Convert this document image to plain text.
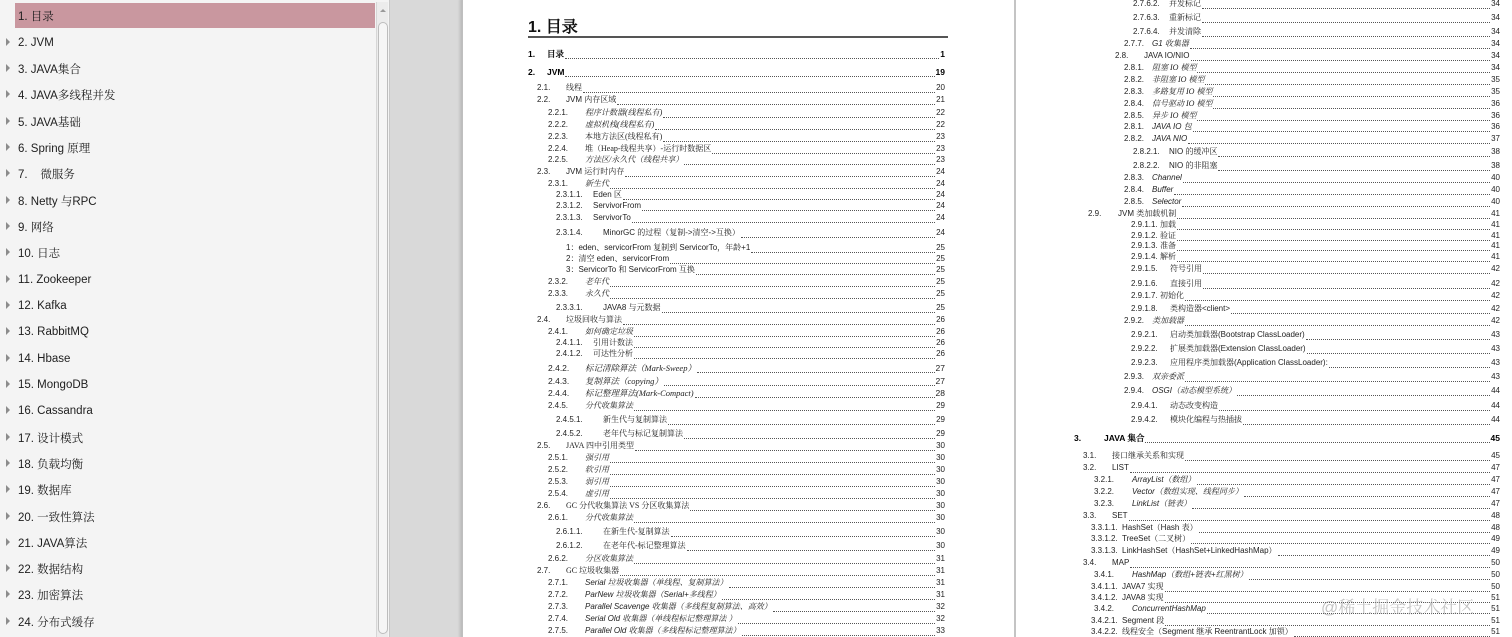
1. 目录
2. JVM
3. JAVA集合
4. JAVA多线程并发
5. JAVA基础
6. Spring 原理
7.    微服务
8. Netty 与RPC
9. 网络
10. 日志
11. Zookeeper
12. Kafka
13. RabbitMQ
14. Hbase
15. MongoDB
16. Cassandra
17. 设计模式
18. 负载均衡
19. 数据库
20. 一致性算法
21. JAVA算法
22. 数据结构
23. 加密算法
24. 分布式缓存
1. 目录
1.	目录	1
2.	JVM	19
2.1.	线程	20
2.2.	JVM 内存区域	21
2.2.1.	程序计数器(线程私有)	22
2.2.2.	虚拟机栈(线程私有)	22
2.2.3.	本地方法区(线程私有)	23
2.2.4.	堆（Heap-线程共享）-运行时数据区	23
2.2.5.	方法区/永久代（线程共享）	23
2.3.	JVM 运行时内存	24
2.3.1.	新生代	24
2.3.1.1.	Eden 区	24
2.3.1.2.	ServivorFrom	24
2.3.1.3.	ServivorTo	24
2.3.1.4.	MinorGC 的过程（复制->清空->互换）	24
1：eden、servicorFrom 复制到 ServicorTo，年龄+1	25
2：清空 eden、servicorFrom	25
3：ServicorTo 和 ServicorFrom 互换	25
2.3.2.	老年代	25
2.3.3.	永久代	25
2.3.3.1.	JAVA8 与元数据	25
2.4.	垃圾回收与算法	26
2.4.1.	如何确定垃圾	26
2.4.1.1.	引用计数法	26
2.4.1.2.	可达性分析	26
2.4.2.	标记清除算法（Mark-Sweep）	27
2.4.3.	复制算法（copying）	27
2.4.4.	标记整理算法(Mark-Compact)	28
2.4.5.	分代收集算法	29
2.4.5.1.	新生代与复制算法	29
2.4.5.2.	老年代与标记复制算法	29
2.5.	JAVA 四中引用类型	30
2.5.1.	强引用	30
2.5.2.	软引用	30
2.5.3.	弱引用	30
2.5.4.	虚引用	30
2.6.	GC 分代收集算法 VS 分区收集算法	30
2.6.1.	分代收集算法	30
2.6.1.1.	在新生代-复制算法	30
2.6.1.2.	在老年代-标记整理算法	30
2.6.2.	分区收集算法	31
2.7.	GC 垃圾收集器	31
2.7.1.	Serial 垃圾收集器（单线程、复制算法）	31
2.7.2.	ParNew 垃圾收集器（Serial+多线程）	31
2.7.3.	Parallel Scavenge 收集器（多线程复制算法、高效）	32
2.7.4.	Serial Old 收集器（单线程标记整理算法 ）	32
2.7.5.	Parallel Old 收集器（多线程标记整理算法）	33
2.7.6.2.	并发标记	34
2.7.6.3.	重新标记	34
2.7.6.4.	并发清除	34
2.7.7. G1 收集器	34
2.8.	JAVA IO/NIO	34
2.8.1. 阻塞 IO 模型	34
2.8.2. 非阻塞 IO 模型	35
2.8.3. 多路复用 IO 模型	35
2.8.4. 信号驱动 IO 模型	36
2.8.5. 异步 IO 模型	36
2.8.1. JAVA IO 包	36
2.8.2. JAVA NIO	37
2.8.2.1.	NIO 的缓冲区	38
2.8.2.2.	NIO 的非阻塞	38
2.8.3. Channel	40
2.8.4. Buffer	40
2.8.5. Selector	40
2.9.	JVM 类加载机制	41
2.9.1.1. 加载	41
2.9.1.2. 验证	41
2.9.1.3. 准备	41
2.9.1.4. 解析	41
2.9.1.5.	符号引用	42
2.9.1.6.	直接引用	42
2.9.1.7. 初始化	42
2.9.1.8.	类构造器<client>	42
2.9.2. 类加载器	42
2.9.2.1.	启动类加载器(Bootstrap ClassLoader)	43
2.9.2.2.	扩展类加载器(Extension ClassLoader)	43
2.9.2.3.	应用程序类加载器(Application ClassLoader):	43
2.9.3. 双亲委派	43
2.9.4. OSGI（动态模型系统）	44
2.9.4.1.	动态改变构造	44
2.9.4.2.	模块化编程与热插拔	44
3.	JAVA 集合	45
3.1.	接口继承关系和实现	45
3.2.	LIST	47
3.2.1.	ArrayList（数组）	47
3.2.2.	Vector（数组实现、线程同步）	47
3.2.3.	LinkList（链表）	47
3.3.	SET	48
3.3.1.1. HashSet（Hash 表）	48
3.3.1.2. TreeSet（二叉树）	49
3.3.1.3. LinkHashSet（HashSet+LinkedHashMap）	49
3.4.	MAP	50
3.4.1.	HashMap（数组+链表+红黑树）	50
3.4.1.1. JAVA7 实现	50
3.4.1.2. JAVA8 实现	51
3.4.2.	ConcurrentHashMap	51
3.4.2.1. Segment 段	51
3.4.2.2. 线程安全（Segment 继承 ReentrantLock 加锁）	51
@稀土掘金技术社区
